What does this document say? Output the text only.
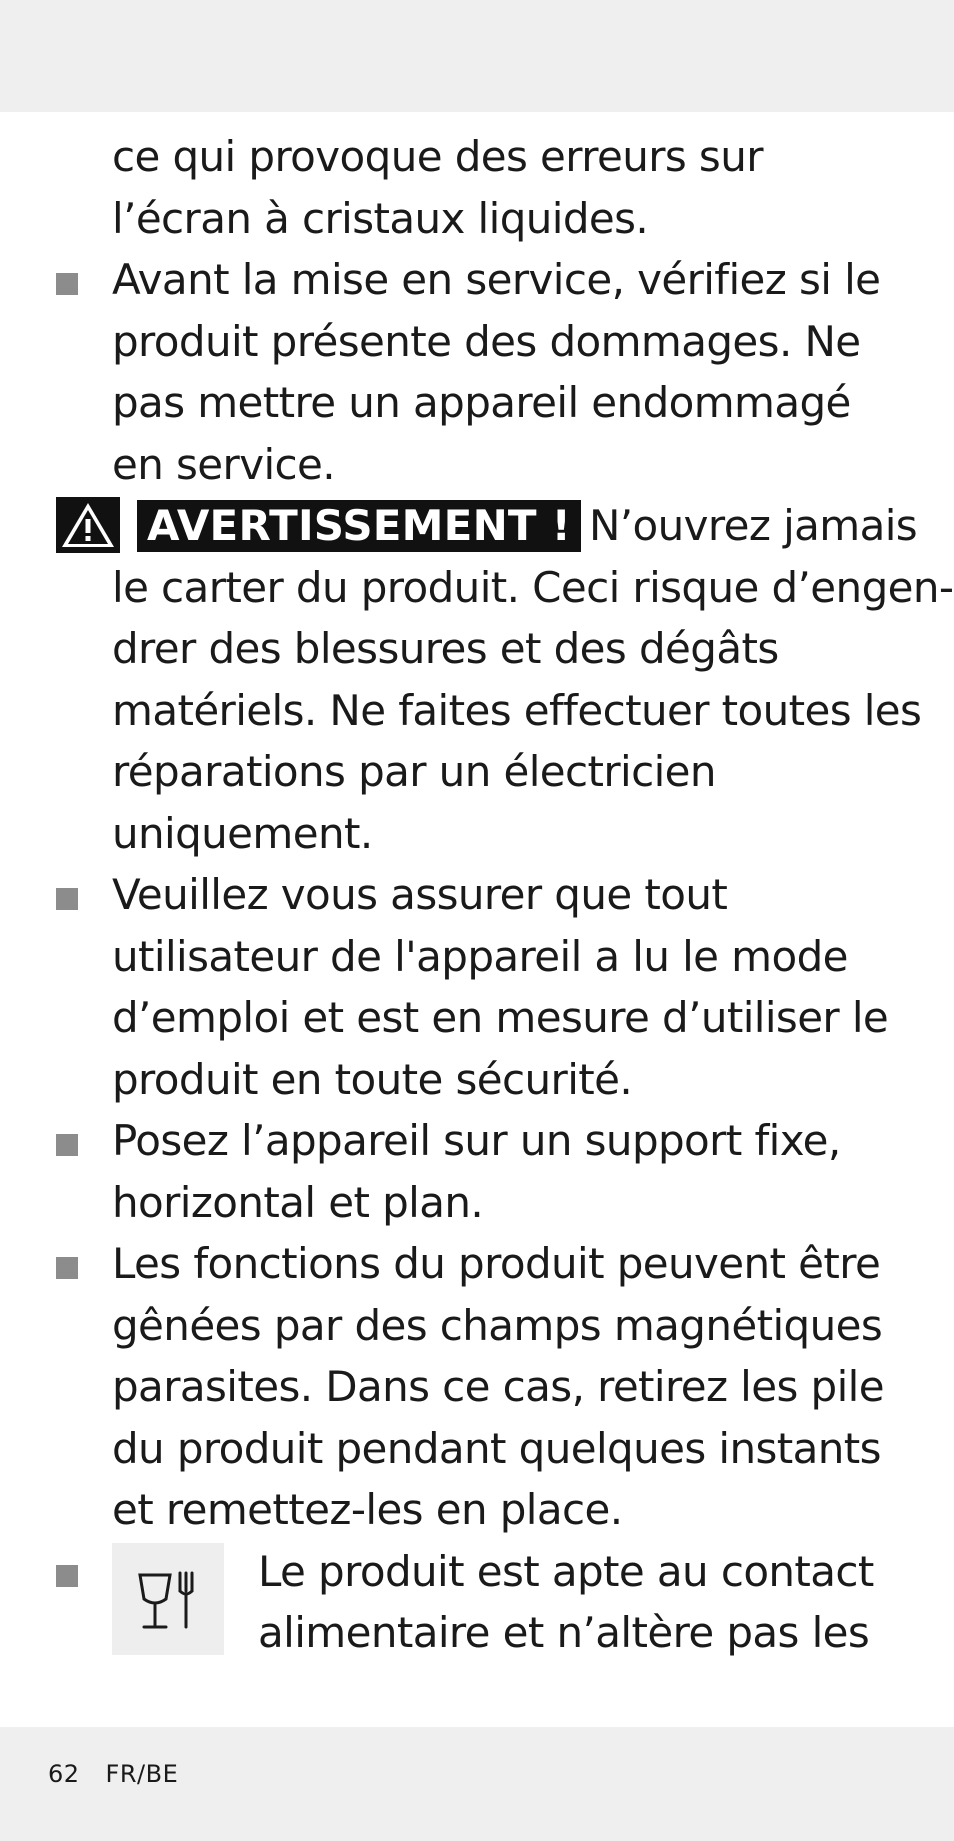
ce qui provoque des erreurs sur l’écran à cristaux liquides.
Avant la mise en service, vérifiez si le produit présente des dommages. Ne pas mettre un appareil endommagé en service.
AVERTISSEMENT ! N’ouvrez jamais le carter du produit. Ceci risque d’engen-drer des blessures et des dégâts matériels. Ne faites effectuer toutes les réparations par un électricien uniquement.
Veuillez vous assurer que tout utilisateur de l'appareil a lu le mode d’emploi et est en mesure d’utiliser le produit en toute sécurité.
Posez l’appareil sur un support fixe, horizontal et plan.
Les fonctions du produit peuvent être gênées par des champs magnétiques parasites. Dans ce cas, retirez les pile du produit pendant quelques instants et remettez-les en place.
Le produit est apte au contact alimentaire et n’altère pas les
62 FR/BE
